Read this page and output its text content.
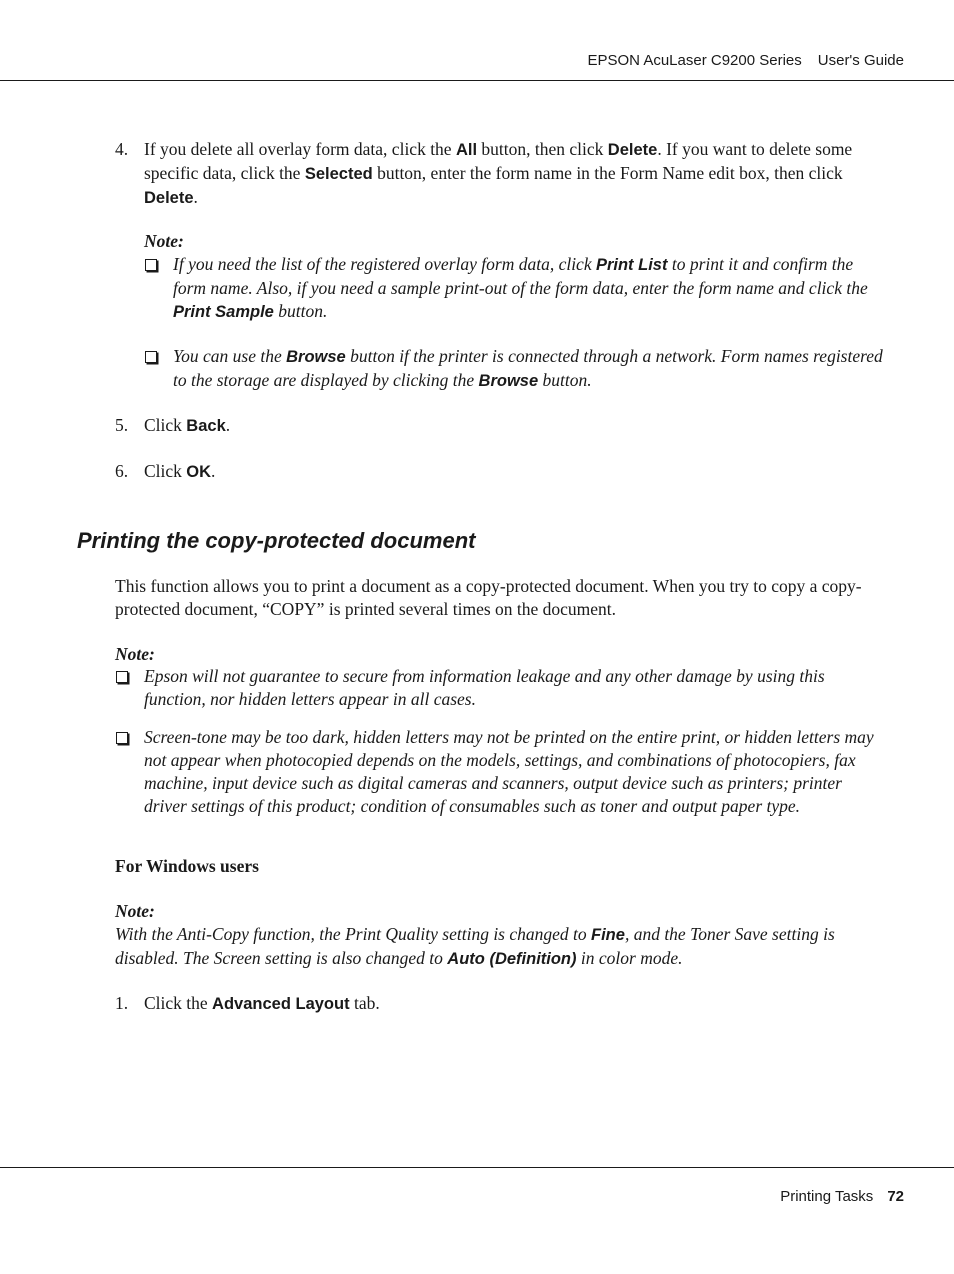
EPSON AcuLaser C9200 Series User's Guide
4. If you delete all overlay form data, click the All button, then click Delete. If you want to delete some specific data, click the Selected button, enter the form name in the Form Name edit box, then click Delete.
Note:
If you need the list of the registered overlay form data, click Print List to print it and confirm the form name. Also, if you need a sample print-out of the form data, enter the form name and click the Print Sample button.
You can use the Browse button if the printer is connected through a network. Form names registered to the storage are displayed by clicking the Browse button.
5. Click Back.
6. Click OK.
Printing the copy-protected document
This function allows you to print a document as a copy-protected document. When you try to copy a copy-protected document, “COPY” is printed several times on the document.
Note:
Epson will not guarantee to secure from information leakage and any other damage by using this function, nor hidden letters appear in all cases.
Screen-tone may be too dark, hidden letters may not be printed on the entire print, or hidden letters may not appear when photocopied depends on the models, settings, and combinations of photocopiers, fax machine, input device such as digital cameras and scanners, output device such as printers; printer driver settings of this product; condition of consumables such as toner and output paper type.
For Windows users
Note:
With the Anti-Copy function, the Print Quality setting is changed to Fine, and the Toner Save setting is disabled. The Screen setting is also changed to Auto (Definition) in color mode.
1. Click the Advanced Layout tab.
Printing Tasks 72
